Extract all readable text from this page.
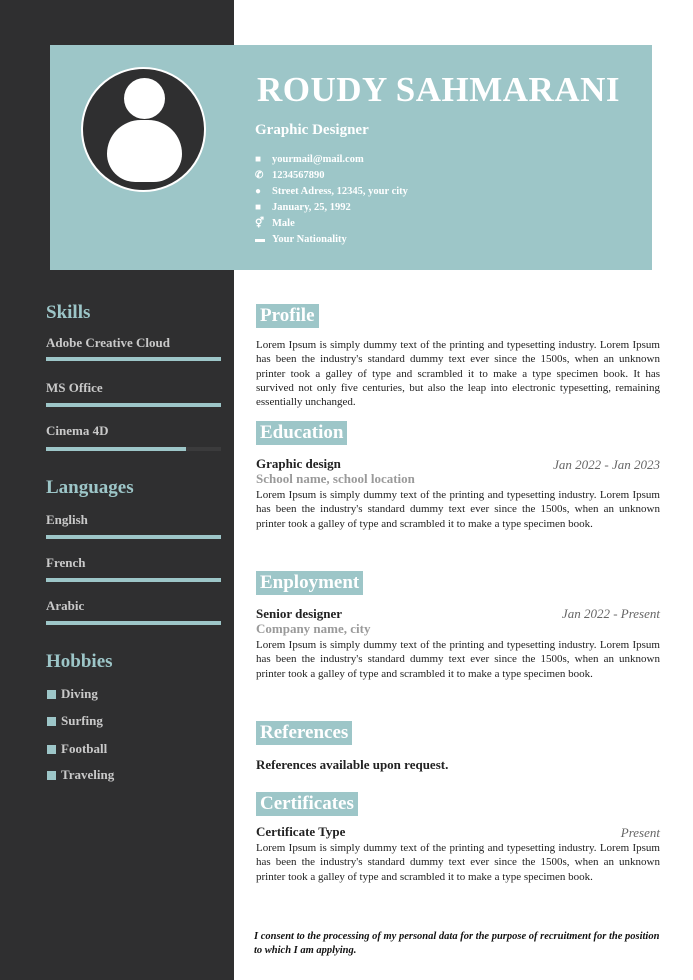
ROUDY SAHMARANI
Graphic Designer
■	yourmail@mail.com
✆ 1234567890
●	Street Adress, 12345, your city
■	January, 25, 1992
⚥ Male
▬ Your Nationality
Skills
Adobe Creative Cloud
MS Office
Cinema 4D
Languages
English
French
Arabic
Hobbies
Diving
Surfing
Football
Traveling
Profile

Lorem Ipsum is simply dummy text of the printing and typesetting industry. Lorem Ipsum has been the industry's standard dummy text ever since the 1500s, when an unknown printer took a galley of type and scrambled it to make a type specimen book. It has survived not only five centuries, but also the leap into electronic typesetting, remaining essentially unchanged.

Education
Graphic design	Jan 2022 - Jan 2023
School name, school location

Lorem Ipsum is simply dummy text of the printing and typesetting industry. Lorem Ipsum has been the industry's standard dummy text ever since the 1500s, when an unknown printer took a galley of type and scrambled it to make a type specimen book.

Enployment
Senior designer	Jan 2022 - Present
Company name, city

Lorem Ipsum is simply dummy text of the printing and typesetting industry. Lorem Ipsum has been the industry's standard dummy text ever since the 1500s, when an unknown printer took a galley of type and scrambled it to make a type specimen book.

References
References available upon request.
Certificates
Certificate Type	Present

Lorem Ipsum is simply dummy text of the printing and typesetting industry. Lorem Ipsum has been the industry's standard dummy text ever since the 1500s, when an unknown printer took a galley of type and scrambled it to make a type specimen book.

I consent to the processing of my personal data for the purpose of recruitment for the position to which I am applying.
